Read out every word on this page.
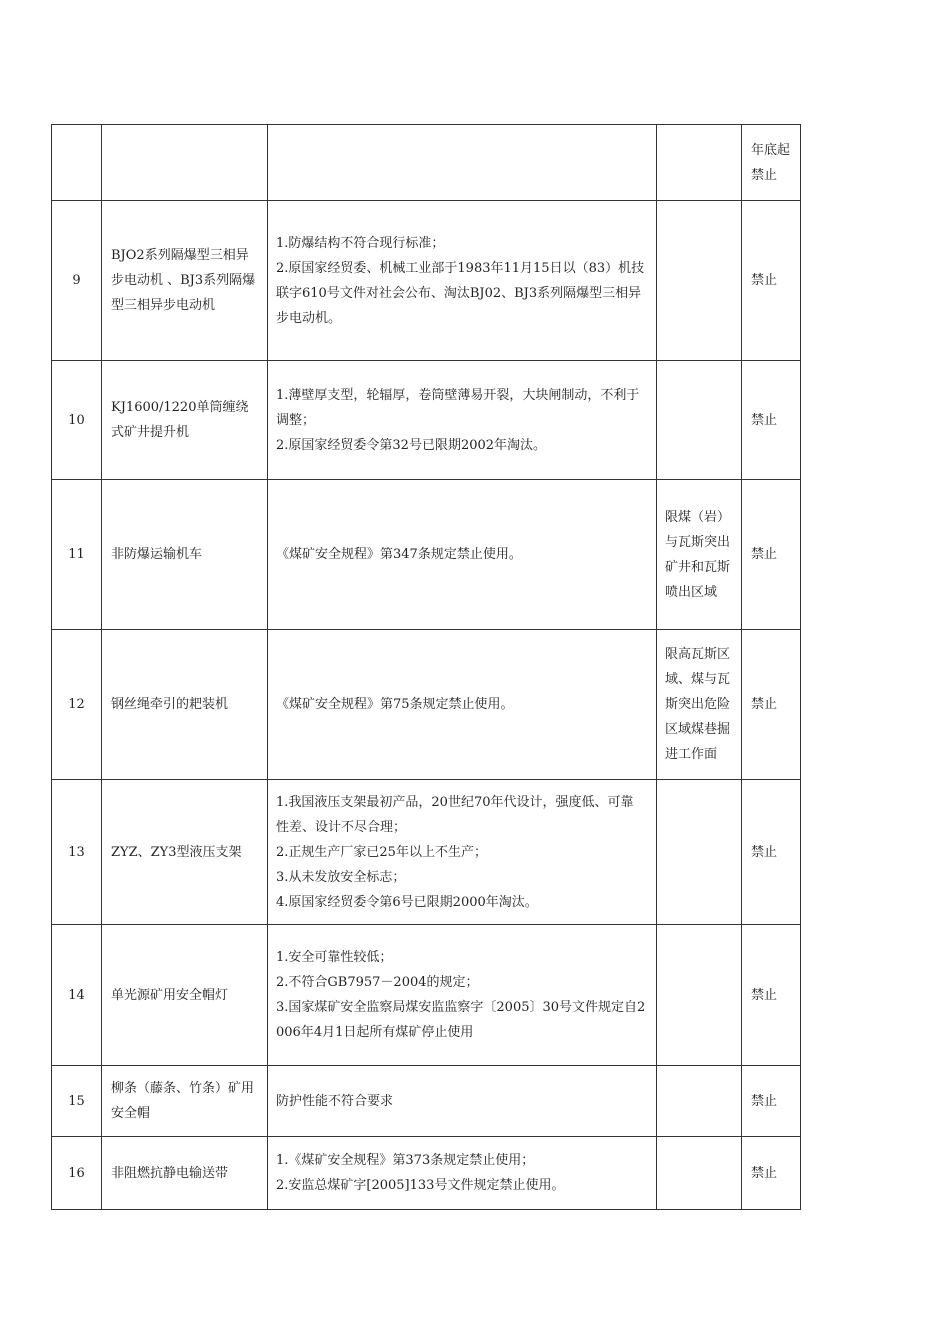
				年底起禁止
9	BJO2系列隔爆型三相异步电动机 、BJ3系列隔爆型三相异步电动机	1.防爆结构不符合现行标准；
2.原国家经贸委、机械工业部于1983年11月15日以（83）机技联字610号文件对社会公布、淘汰BJ02、BJ3系列隔爆型三相异步电动机。		禁止
10	KJ1600/1220单筒缠绕式矿井提升机	1.薄壁厚支型，轮辐厚，卷筒壁薄易开裂，大块闸制动，不利于调整；
2.原国家经贸委令第32号已限期2002年淘汰。		禁止
11	非防爆运输机车	《煤矿安全规程》第347条规定禁止使用。	限煤（岩）与瓦斯突出矿井和瓦斯喷出区域	禁止
12	钢丝绳牵引的耙装机	《煤矿安全规程》第75条规定禁止使用。	限高瓦斯区域、煤与瓦斯突出危险区域煤巷掘进工作面	禁止
13	ZYZ、ZY3型液压支架	1.我国液压支架最初产品，20世纪70年代设计，强度低、可靠性差、设计不尽合理；
2.正规生产厂家已25年以上不生产；
3.从未发放安全标志；
4.原国家经贸委令第6号已限期2000年淘汰。		禁止
14	单光源矿用安全帽灯	1.安全可靠性较低；
2.不符合GB7957－2004的规定；
3.国家煤矿安全监察局煤安监监察字〔2005〕30号文件规定自2006年4月1日起所有煤矿停止使用		禁止
15	柳条（藤条、竹条）矿用安全帽	防护性能不符合要求		禁止
16	非阻燃抗静电输送带	1.《煤矿安全规程》第373条规定禁止使用；
2.安监总煤矿字[2005]133号文件规定禁止使用。		禁止
